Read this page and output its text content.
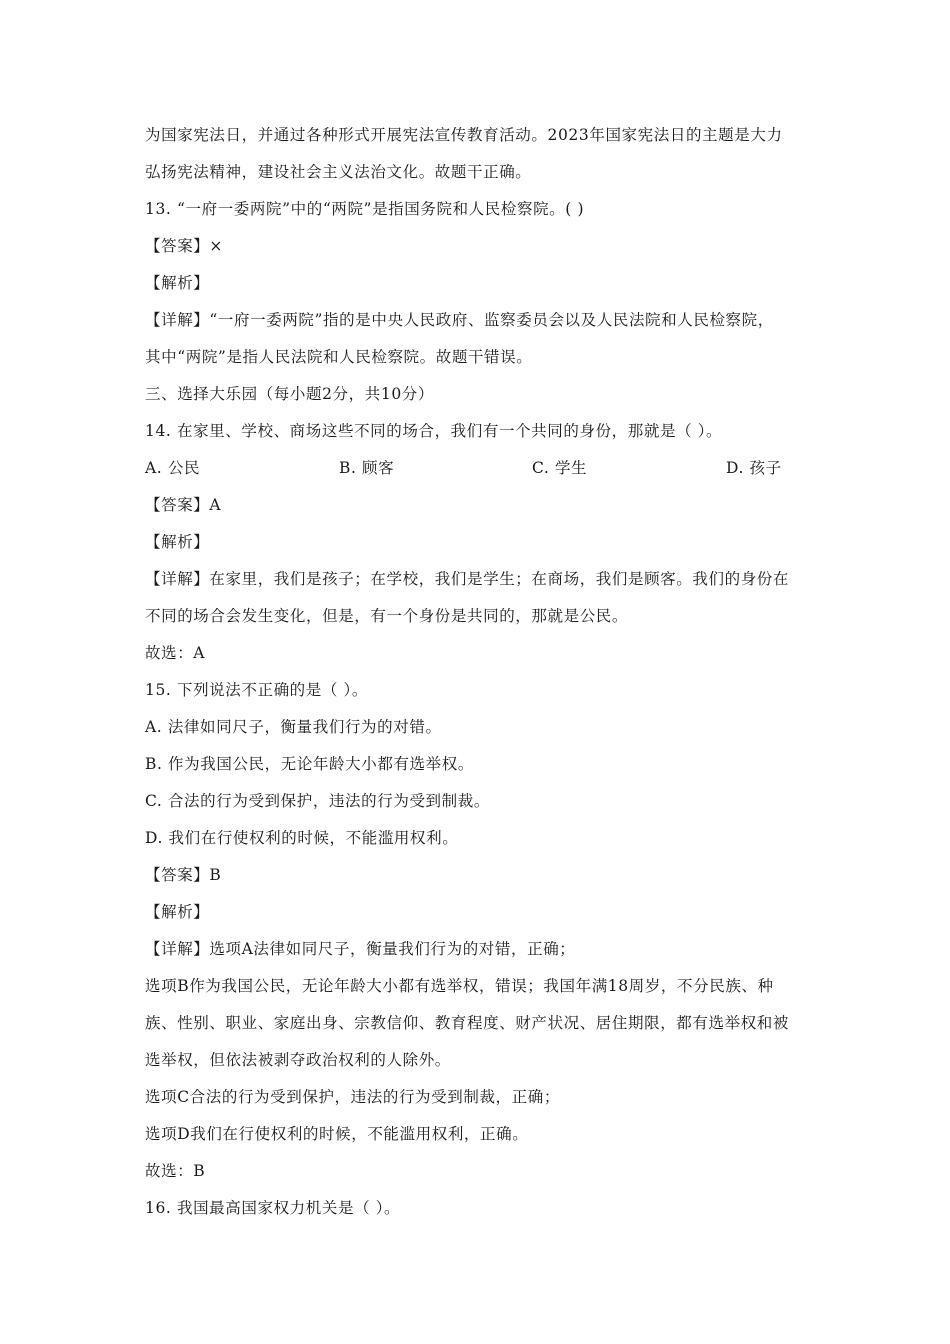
为国家宪法日，并通过各种形式开展宪法宣传教育活动。2023年国家宪法日的主题是大力
弘扬宪法精神，建设社会主义法治文化。故题干正确。
13. “一府一委两院”中的“两院”是指国务院和人民检察院。( )
【答案】×
【解析】
【详解】“一府一委两院”指的是中央人民政府、监察委员会以及人民法院和人民检察院，
其中“两院”是指人民法院和人民检察院。故题干错误。
三、选择大乐园（每小题2分，共10分）
14. 在家里、学校、商场这些不同的场合，我们有一个共同的身份，那就是（ ）。
A. 公民	B. 顾客	C. 学生	D. 孩子
【答案】A
【解析】
【详解】在家里，我们是孩子；在学校，我们是学生；在商场，我们是顾客。我们的身份在
不同的场合会发生变化，但是，有一个身份是共同的，那就是公民。
故选：A
15. 下列说法不正确的是（ ）。
A. 法律如同尺子，衡量我们行为的对错。
B. 作为我国公民，无论年龄大小都有选举权。
C. 合法的行为受到保护，违法的行为受到制裁。
D. 我们在行使权利的时候，不能滥用权利。
【答案】B
【解析】
【详解】选项A法律如同尺子，衡量我们行为的对错，正确；
选项B作为我国公民，无论年龄大小都有选举权，错误；我国年满18周岁，不分民族、种
族、性别、职业、家庭出身、宗教信仰、教育程度、财产状况、居住期限，都有选举权和被
选举权，但依法被剥夺政治权利的人除外。
选项C合法的行为受到保护，违法的行为受到制裁，正确；
选项D我们在行使权利的时候，不能滥用权利，正确。
故选：B
16. 我国最高国家权力机关是（ ）。
